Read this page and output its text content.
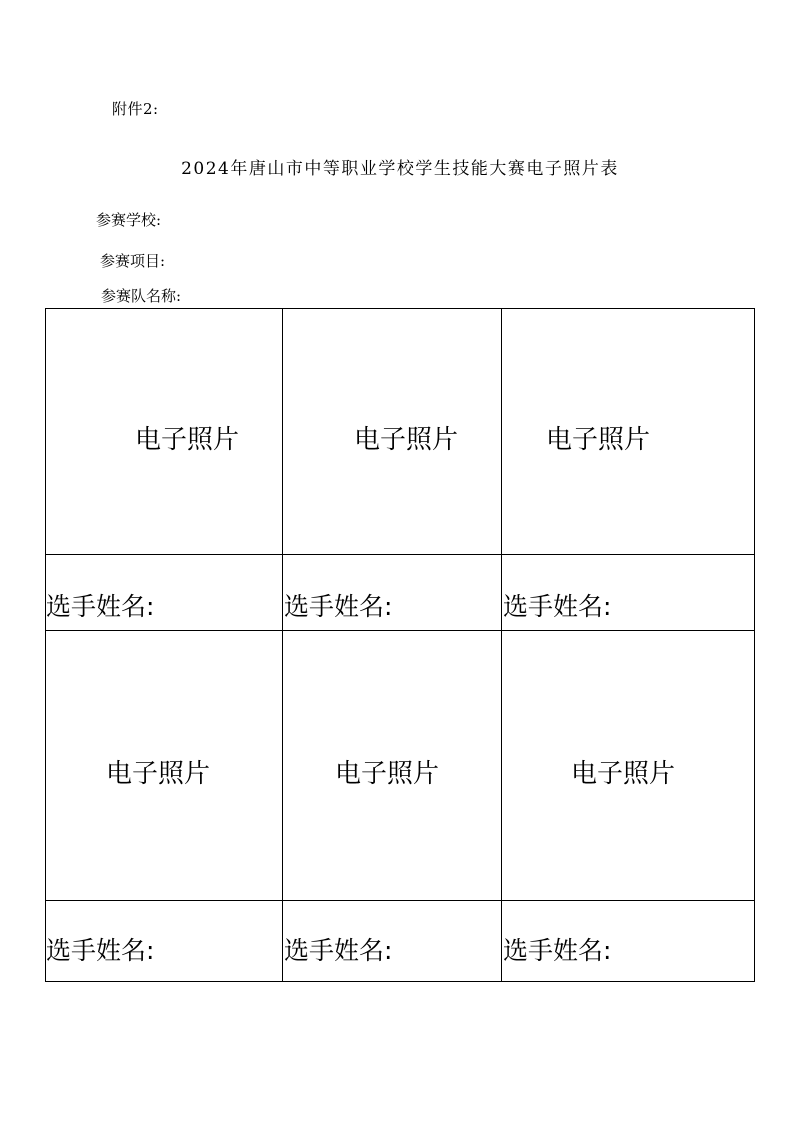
附件2:
2024年唐山市中等职业学校学生技能大赛电子照片表
参赛学校:
参赛项目:
参赛队名称:
电子照片	电子照片	电子照片
选手姓名:	选手姓名:	选手姓名:
电子照片	电子照片	电子照片
选手姓名:	选手姓名:	选手姓名:
